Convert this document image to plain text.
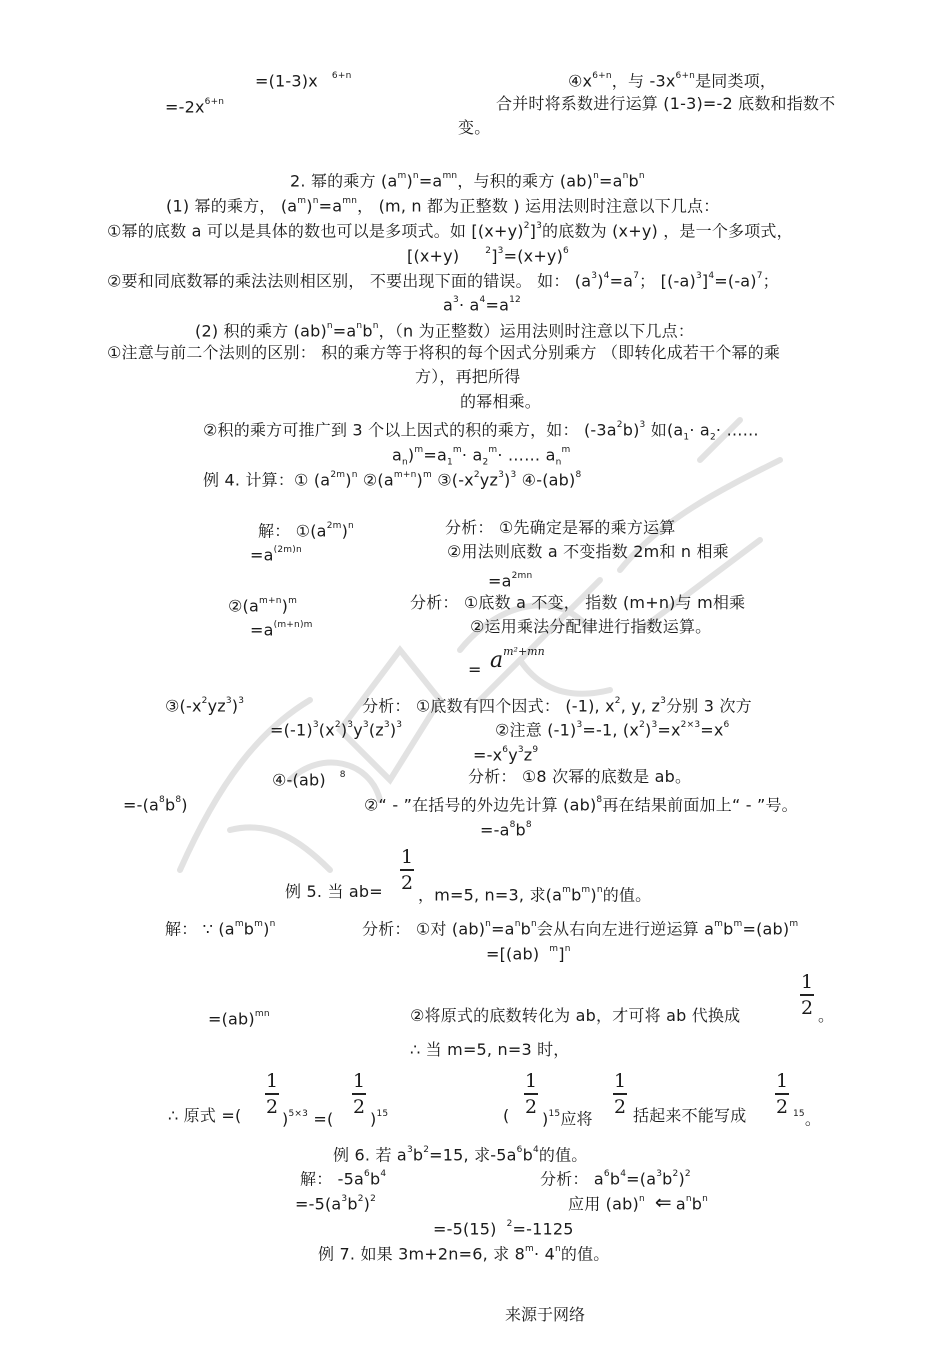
=(1-3)x $^{6+n}$	$④x^{6+n}$，与 $-3x^{6+n}$是同类项，
$=-2x^{6+n}$	合并时将系数进行运算 (1-3)=-2 底数和指数不
变。
2. 幂的乘方 $(a^m)^n=a^{mn}$，与积的乘方 $(ab)^n=a^nb^n$
(1) 幂的乘方， $(a^m)^n=a^{mn}$， (m, n 都为正整数 ) 运用法则时注意以下几点：
①幂的底数 a 可以是具体的数也可以是多项式。如 $[(x+y)^2]^3$的底数为 (x+y) ，是一个多项式，
[(x+y)	$^2]^3=(x+y)^6$
②要和同底数幂的乘法法则相区别， 不要出现下面的错误。 如： $(a^3)^4=a^7$； $[(-a)^3]^4=(-a)^7$；
$a^3\cdot a^4=a^{12}$
(2) 积的乘方 $(ab)^n=a^nb^n$，（n 为正整数）运用法则时注意以下几点：
①注意与前二个法则的区别： 积的乘方等于将积的每个因式分别乘方 （即转化成若干个幂的乘
方），再把所得
的幂相乘。
②积的乘方可推广到 3 个以上因式的积的乘方，如： $(-3a^2b)^3$ 如($a_1\cdot a_2\cdot$ ……
$a_n)^m=a_1^m\cdot a_2^m\cdot$ …… $a_n^m$
例 4. 计算：① $(a^{2m})^n$ $②(a^{m+n})^m$ $③(-x^2yz^3)^3$ ④-(ab)$^8$
解： $①(a^{2m})^n$	分析： ①先确定是幂的乘方运算
$=a^{(2m)n}$	②用法则底数 a 不变指数 2m和 n 相乘
$=a^{2mn}$
$②(a^{m+n})^m$	分析： ①底数 a 不变， 指数 (m+n)与 m相乘
$=a^{(m+n)m}$	②运用乘法分配律进行指数运算。
= $a^{m^2+mn}$
$③(-x^2yz^3)^3$	分析： ①底数有四个因式： (-1), $x^2$, y, $z^3$分别 3 次方
$=(-1)^3(x^2)^3y^3(z^3)^3$	②注意 $(-1)^3=-1$, $(x^2)^3=x^{2\times 3}=x^6$
$=-x^6y^3z^9$
④-(ab) $^8$	分析： ①8 次幂的底数是 ab。
$=-(a^8b^8)$	②“ - ”在括号的外边先计算 (ab)$^8$再在结果前面加上“ - ”号。
$=-a^8b^8$
例 5. 当 ab=
1
2
，m=5, n=3, 求$(a^mb^m)^n$的值。
解： ∵ $(a^mb^m)^n$	分析： ①对 $(ab)^n=a^nb^n$会从右向左进行逆运算 $a^mb^m=(ab)^m$
=[(ab) $^m$]$^n$
1
2
=(ab)$^{mn}$	②将原式的底数转化为 ab，才可将 ab 代换成	。
∴ 当 m=5, n=3 时，
∴ 原式 =(
1
2
)$^{5\times 3}$ =(
1
2
)$^{15}$	(
1
2
)$^{15}$应将
1
2 括起来不能写成
1
2 $^{15}$。
例 6. 若 $a^3b^2=15$, 求$-5a^6b^4$的值。
解： $-5a^6b^4$	分析： $a^6b^4=(a^3b^2)^2$
$=-5(a^3b^2)^2$	应用 (ab)$^n$ ⇐ $a^nb^n$
=-5(15) $^2$=-1125
例 7. 如果 3m+2n=6, 求 $8^m\cdot 4^n$的值。
来源于网络
